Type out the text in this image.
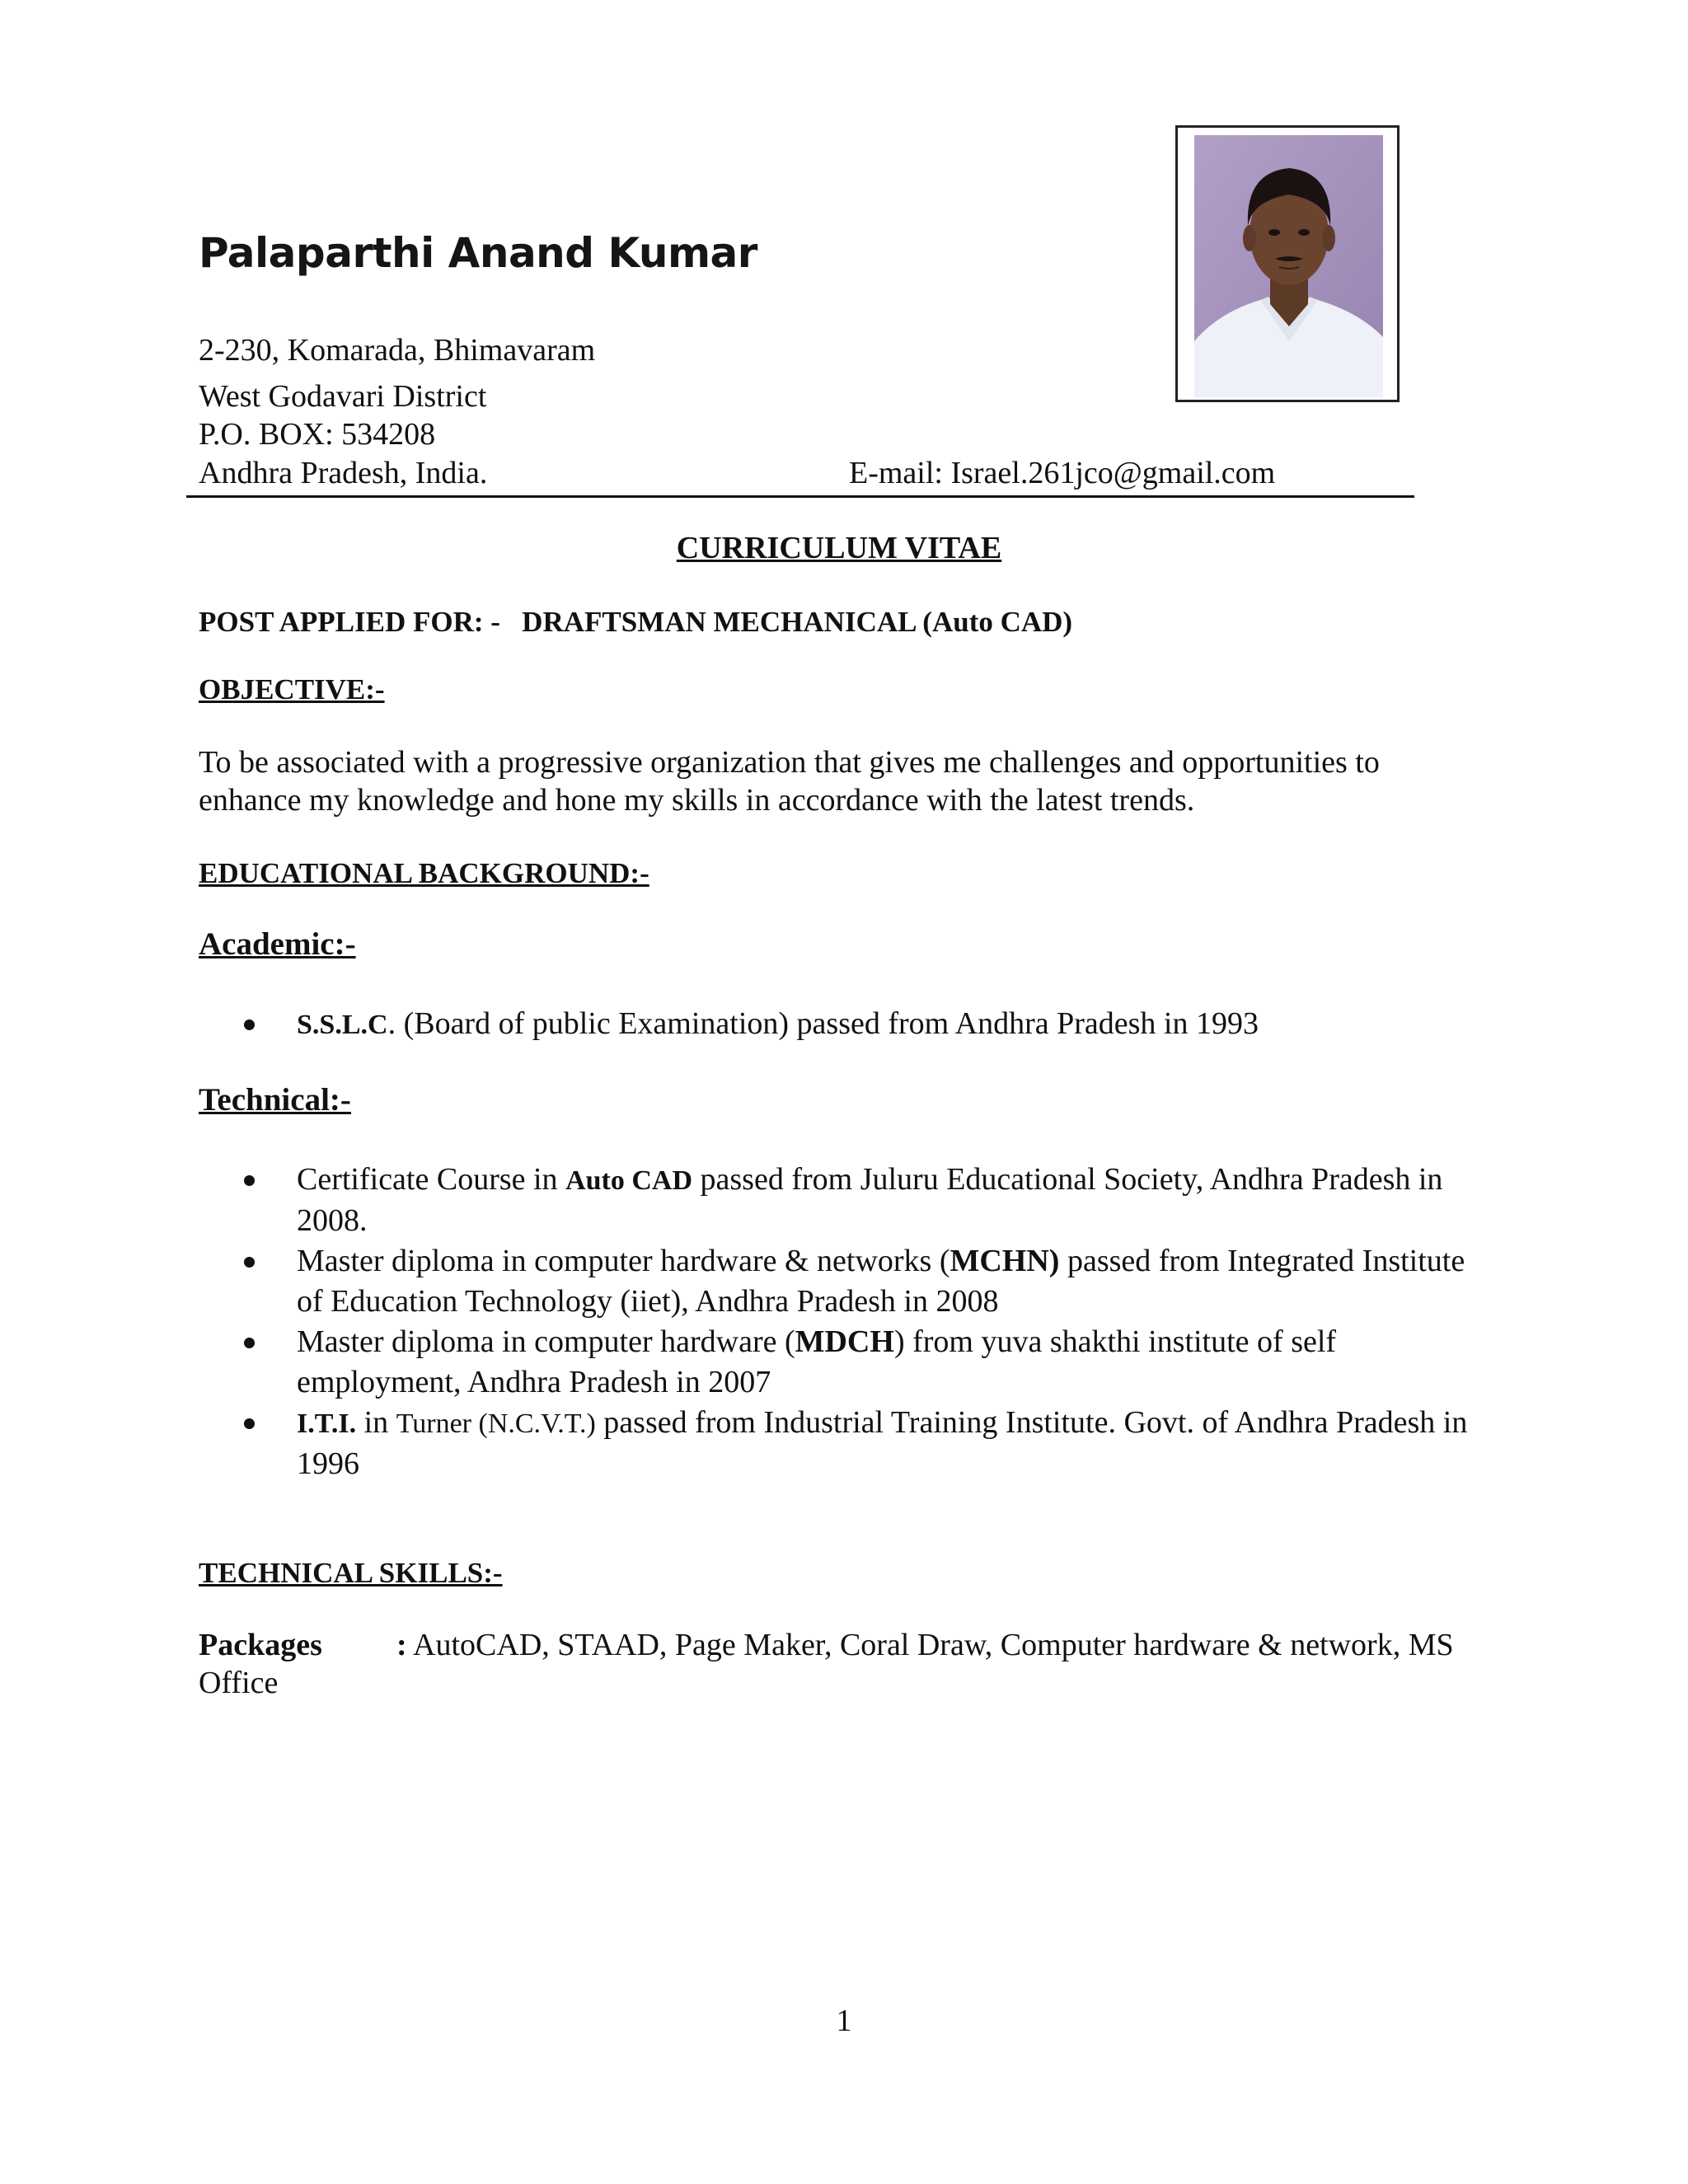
Palaparthi Anand Kumar
2-230, Komarada, Bhimavaram
West Godavari District
P.O. BOX: 534208
Andhra Pradesh, India.	E-mail: Israel.261jco@gmail.com
CURRICULUM VITAE
POST APPLIED FOR: - DRAFTSMAN MECHANICAL (Auto CAD)
OBJECTIVE:-
To be associated with a progressive organization that gives me challenges and opportunities to enhance my knowledge and hone my skills in accordance with the latest trends.
EDUCATIONAL BACKGROUND:-
Academic:-
S.S.L.C. (Board of public Examination) passed from Andhra Pradesh in 1993
Technical:-
Certificate Course in Auto CAD passed from Juluru Educational Society, Andhra Pradesh in 2008.
Master diploma in computer hardware & networks (MCHN) passed from Integrated Institute of Education Technology (iiet), Andhra Pradesh in 2008
Master diploma in computer hardware (MDCH) from yuva shakthi institute of self employment, Andhra Pradesh in 2007
I.T.I. in Turner (N.C.V.T.) passed from Industrial Training Institute. Govt. of Andhra Pradesh in 1996
TECHNICAL SKILLS:-
Packages : AutoCAD, STAAD, Page Maker, Coral Draw, Computer hardware & network, MS Office
1
